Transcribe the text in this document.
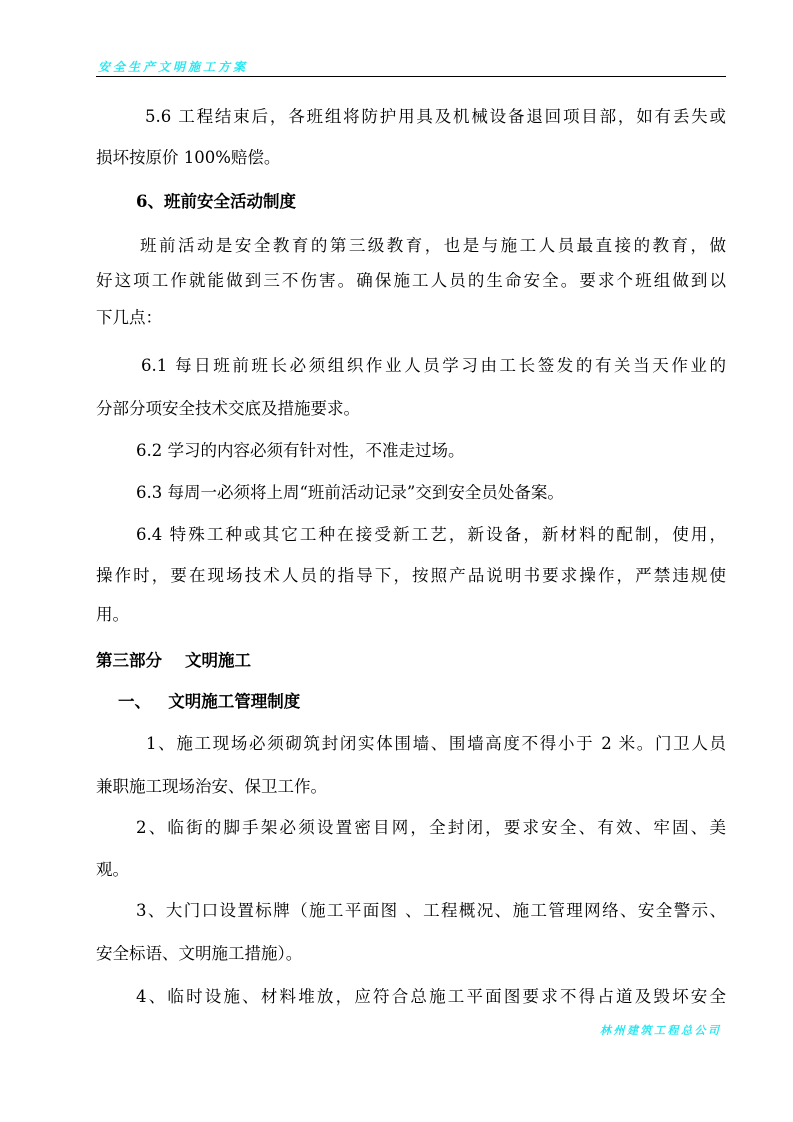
安全生产文明施工方案
5.6 工程结束后，各班组将防护用具及机械设备退回项目部，如有丢失或
损坏按原价 100%赔偿。
6、班前安全活动制度
班前活动是安全教育的第三级教育，也是与施工人员最直接的教育，做
好这项工作就能做到三不伤害。确保施工人员的生命安全。要求个班组做到以
下几点：
6.1 每日班前班长必须组织作业人员学习由工长签发的有关当天作业的
分部分项安全技术交底及措施要求。
6.2 学习的内容必须有针对性，不准走过场。
6.3 每周一必须将上周“班前活动记录”交到安全员处备案。
6.4 特殊工种或其它工种在接受新工艺，新设备，新材料的配制，使用，
操作时，要在现场技术人员的指导下，按照产品说明书要求操作，严禁违规使
用。
第三部分    文明施工
一、   文明施工管理制度
1、施工现场必须砌筑封闭实体围墙、围墙高度不得小于 2 米。门卫人员
兼职施工现场治安、保卫工作。
2、临街的脚手架必须设置密目网，全封闭，要求安全、有效、牢固、美
观。
3、大门口设置标牌（施工平面图 、工程概况、施工管理网络、安全警示、
安全标语、文明施工措施）。
4、临时设施、材料堆放，应符合总施工平面图要求不得占道及毁坏安全
林州建筑工程总公司
